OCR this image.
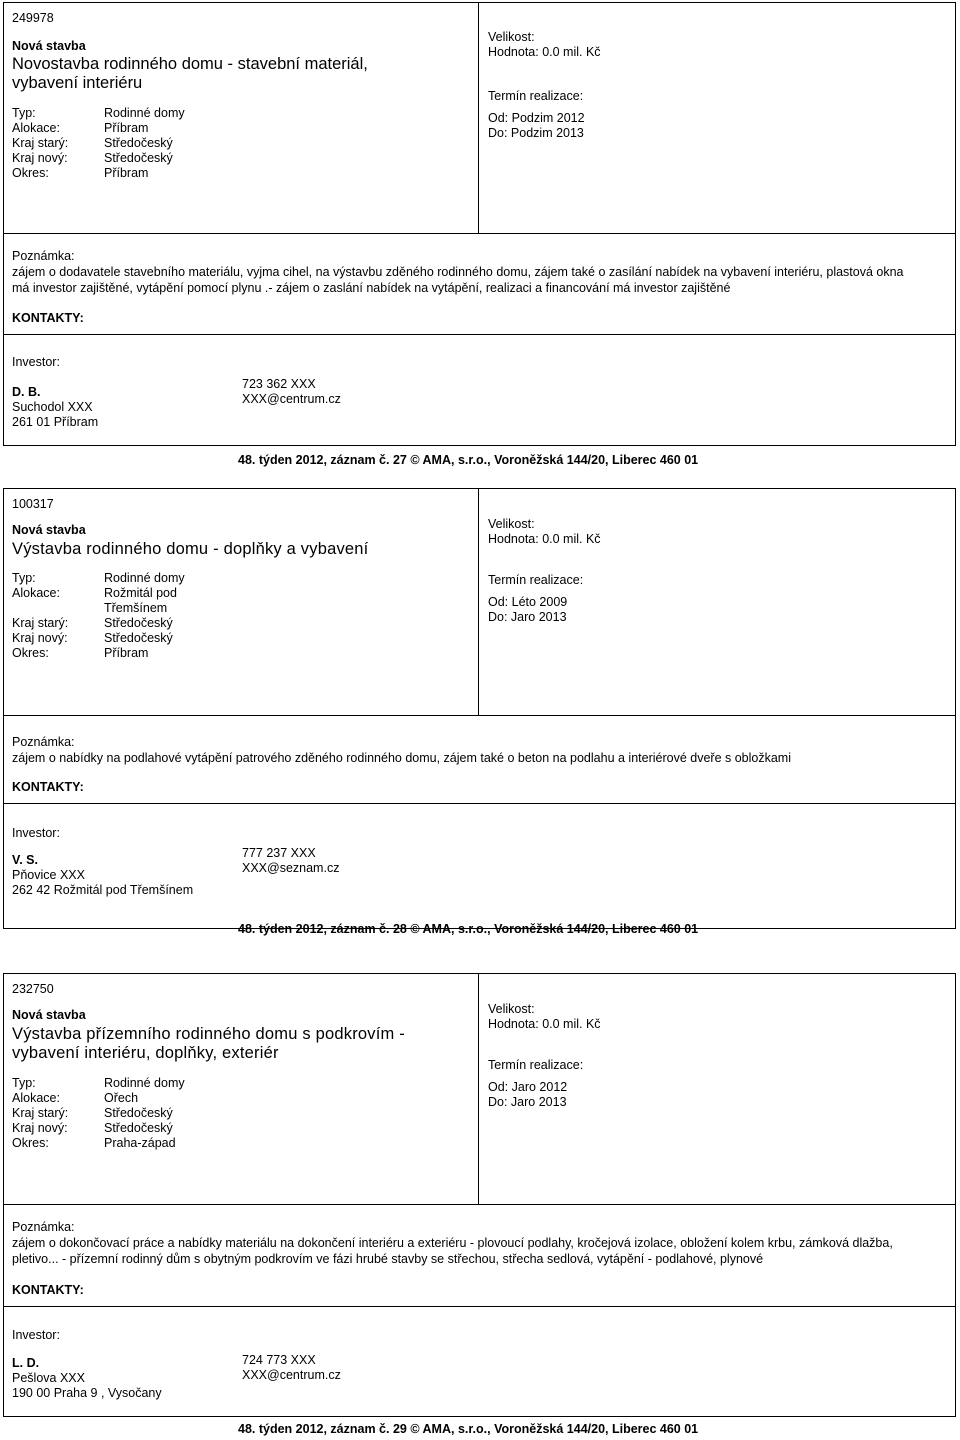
249978
Nová stavba
Novostavba rodinného domu - stavební materiál,
vybavení interiéru
Typ:	Rodinné domy
Alokace:	Příbram
Kraj starý:	Středočeský
Kraj nový:	Středočeský
Okres:	Příbram
Velikost:
Hodnota: 0.0 mil. Kč
Termín realizace:
Od: Podzim 2012
Do: Podzim 2013
Poznámka:
zájem o dodavatele stavebního materiálu, vyjma cihel, na výstavbu zděného rodinného domu, zájem také o zasílání nabídek na vybavení interiéru, plastová okna
má investor zajištěné, vytápění pomocí plynu .- zájem o zaslání nabídek na vytápění, realizaci a financování má investor zajištěné
KONTAKTY:
Investor:
D. B.
Suchodol XXX
261 01 Příbram
723 362 XXX
XXX@centrum.cz
48. týden 2012, záznam č. 27 © AMA, s.r.o., Voroněžská 144/20, Liberec 460 01
100317
Nová stavba
Výstavba rodinného domu - doplňky a vybavení
Typ:	Rodinné domy
Alokace:	Rožmitál pod
Třemšínem
Kraj starý:	Středočeský
Kraj nový:	Středočeský
Okres:	Příbram
Velikost:
Hodnota: 0.0 mil. Kč
Termín realizace:
Od: Léto 2009
Do: Jaro 2013
Poznámka:
zájem o nabídky na podlahové vytápění patrového zděného rodinného domu, zájem také o beton na podlahu a interiérové dveře s obložkami
KONTAKTY:
Investor:
V. S.
Pňovice XXX
262 42 Rožmitál pod Třemšínem
777 237 XXX
XXX@seznam.cz
48. týden 2012, záznam č. 28 © AMA, s.r.o., Voroněžská 144/20, Liberec 460 01
232750
Nová stavba
Výstavba přízemního rodinného domu s podkrovím -
vybavení interiéru, doplňky, exteriér
Typ:	Rodinné domy
Alokace:	Ořech
Kraj starý:	Středočeský
Kraj nový:	Středočeský
Okres:	Praha-západ
Velikost:
Hodnota: 0.0 mil. Kč
Termín realizace:
Od: Jaro 2012
Do: Jaro 2013
Poznámka:
zájem o dokončovací práce a nabídky materiálu na dokončení interiéru a exteriéru - plovoucí podlahy, kročejová izolace, obložení kolem krbu, zámková dlažba,
pletivo... - přízemní rodinný dům s obytným podkrovím ve fázi hrubé stavby se střechou, střecha sedlová, vytápění - podlahové, plynové
KONTAKTY:
Investor:
L. D.
Pešlova XXX
190 00 Praha 9 , Vysočany
724 773 XXX
XXX@centrum.cz
48. týden 2012, záznam č. 29 © AMA, s.r.o., Voroněžská 144/20, Liberec 460 01
